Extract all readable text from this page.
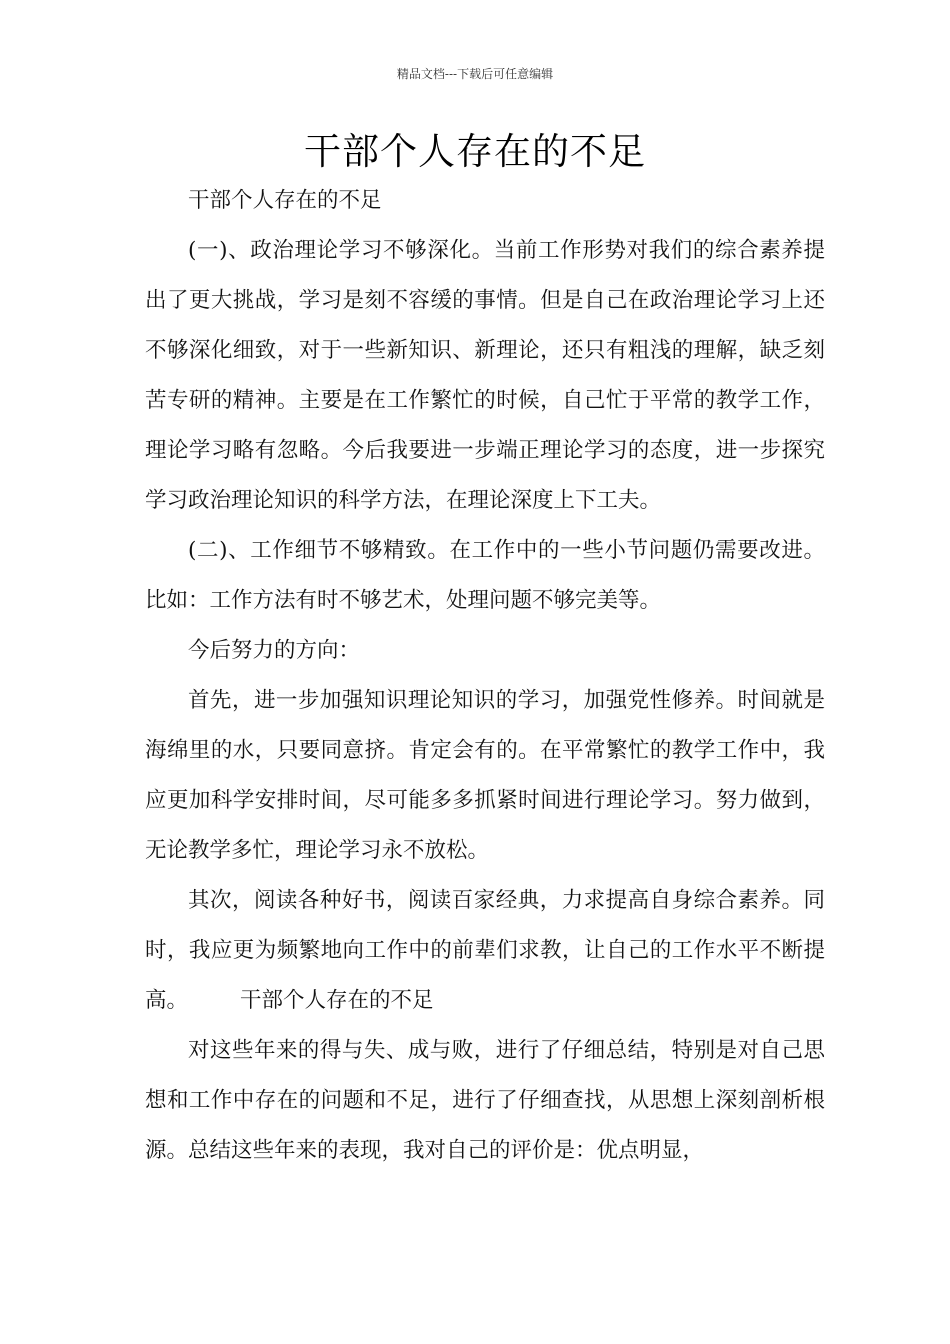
精品文档---下载后可任意编辑
干部个人存在的不足

干部个人存在的不足

(一)、政治理论学习不够深化。当前工作形势对我们的综合素养提出了更大挑战，学习是刻不容缓的事情。但是自己在政治理论学习上还不够深化细致，对于一些新知识、新理论，还只有粗浅的理解，缺乏刻苦专研的精神。主要是在工作繁忙的时候，自己忙于平常的教学工作，理论学习略有忽略。今后我要进一步端正理论学习的态度，进一步探究学习政治理论知识的科学方法，在理论深度上下工夫。

(二)、工作细节不够精致。在工作中的一些小节问题仍需要改进。比如：工作方法有时不够艺术，处理问题不够完美等。

今后努力的方向：

首先，进一步加强知识理论知识的学习，加强党性修养。时间就是海绵里的水，只要同意挤。肯定会有的。在平常繁忙的教学工作中，我应更加科学安排时间，尽可能多多抓紧时间进行理论学习。努力做到，无论教学多忙，理论学习永不放松。

其次，阅读各种好书，阅读百家经典，力求提高自身综合素养。同时，我应更为频繁地向工作中的前辈们求教，让自己的工作水平不断提高。 干部个人存在的不足

对这些年来的得与失、成与败，进行了仔细总结，特别是对自己思想和工作中存在的问题和不足，进行了仔细查找，从思想上深刻剖析根源。总结这些年来的表现，我对自己的评价是：优点明显，
